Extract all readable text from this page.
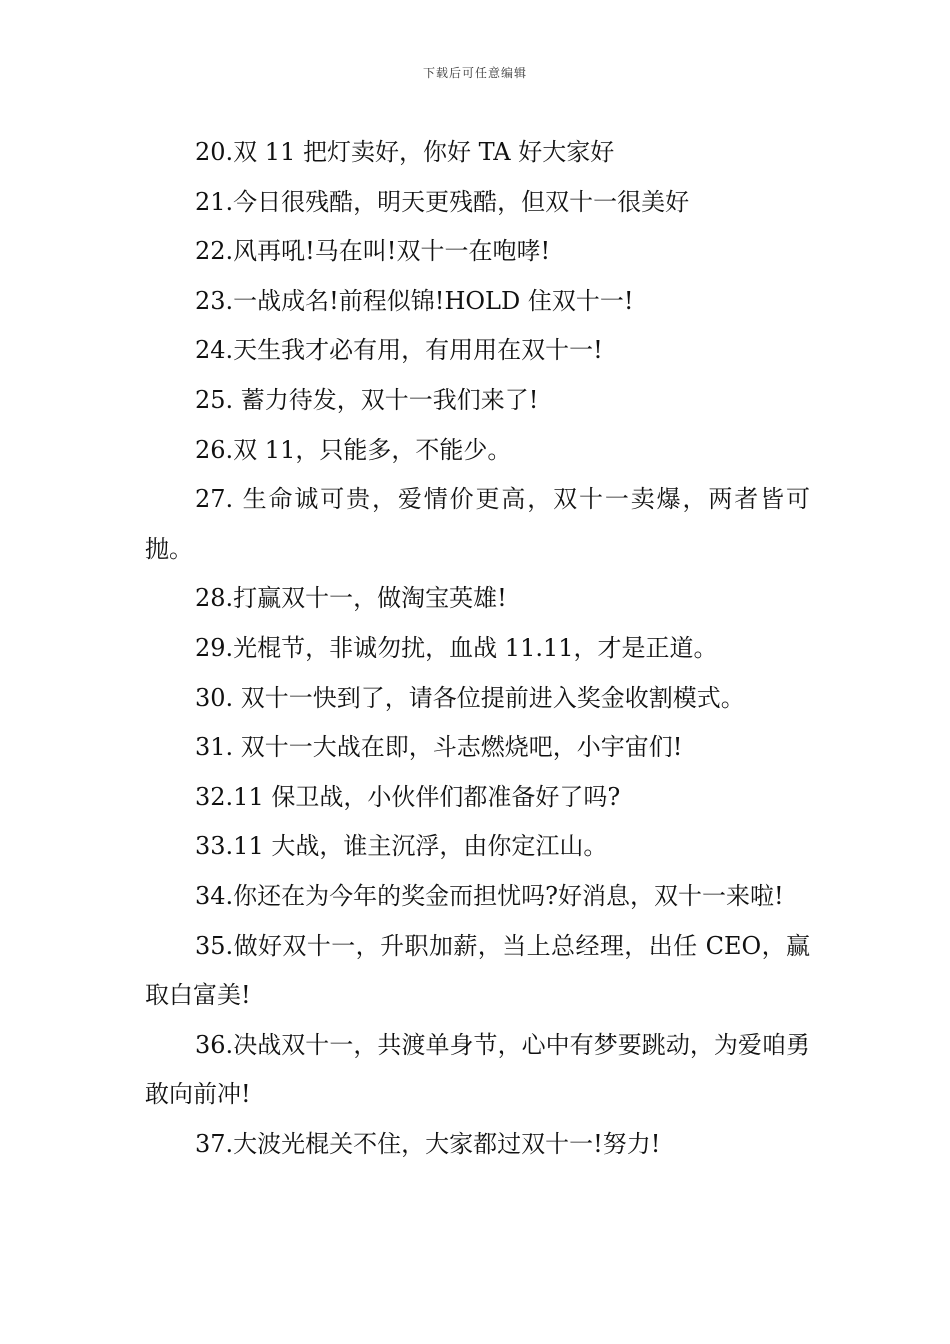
下载后可任意编辑

20.双 11 把灯卖好，你好 TA 好大家好

21.今日很残酷，明天更残酷，但双十一很美好

22.风再吼!马在叫!双十一在咆哮!

23.一战成名!前程似锦!HOLD 住双十一!

24.天生我才必有用，有用用在双十一!

25. 蓄力待发，双十一我们来了!

26.双 11，只能多，不能少。

27. 生命诚可贵，爱情价更高，双十一卖爆，两者皆可抛。

28.打赢双十一，做淘宝英雄!

29.光棍节，非诚勿扰，血战 11.11，才是正道。

30. 双十一快到了，请各位提前进入奖金收割模式。

31. 双十一大战在即，斗志燃烧吧，小宇宙们!

32.11 保卫战，小伙伴们都准备好了吗?

33.11 大战，谁主沉浮，由你定江山。

34.你还在为今年的奖金而担忧吗?好消息，双十一来啦!

35.做好双十一，升职加薪，当上总经理，出任 CEO，赢取白富美!

36.决战双十一，共渡单身节，心中有梦要跳动，为爱咱勇敢向前冲!

37.大波光棍关不住，大家都过双十一!努力!
